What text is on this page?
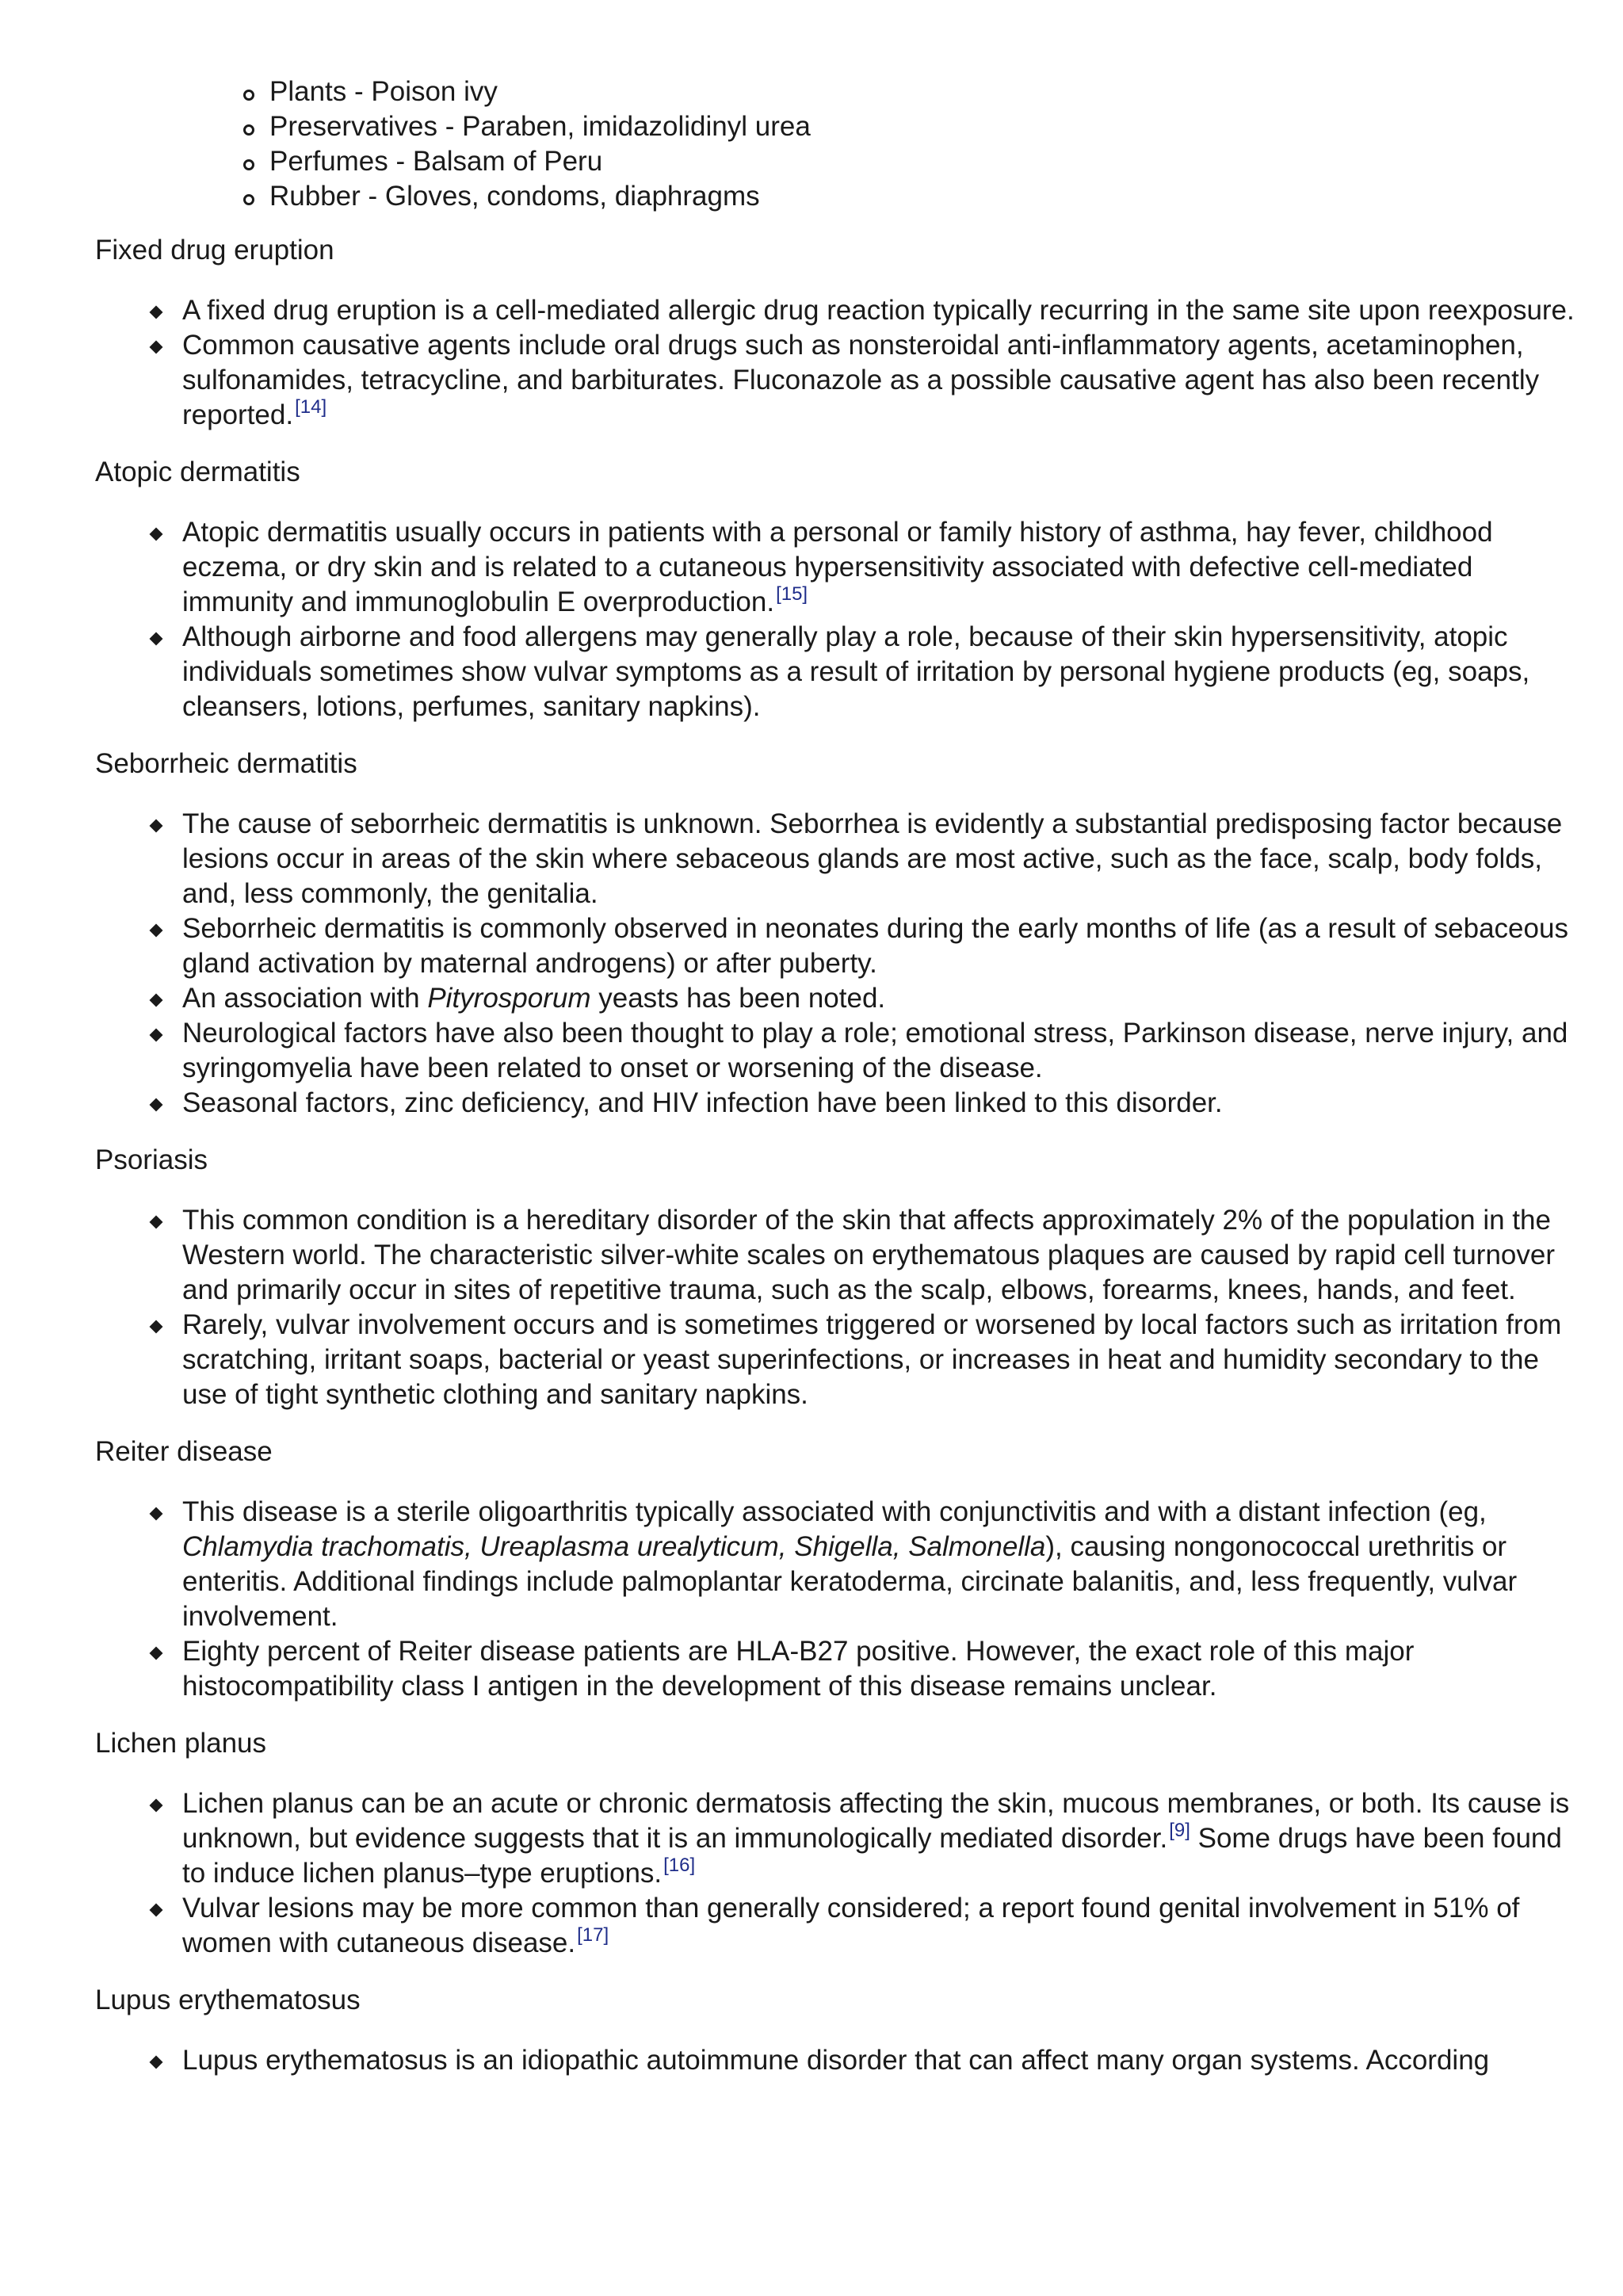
Plants - Poison ivy
Preservatives - Paraben, imidazolidinyl urea
Perfumes - Balsam of Peru
Rubber - Gloves, condoms, diaphragms

Fixed drug eruption

A fixed drug eruption is a cell-mediated allergic drug reaction typically recurring in the same site upon reexposure.
Common causative agents include oral drugs such as nonsteroidal anti-inflammatory agents, acetaminophen, sulfonamides, tetracycline, and barbiturates. Fluconazole as a possible causative agent has also been recently reported.[14]

Atopic dermatitis

Atopic dermatitis usually occurs in patients with a personal or family history of asthma, hay fever, childhood eczema, or dry skin and is related to a cutaneous hypersensitivity associated with defective cell-mediated immunity and immunoglobulin E overproduction.[15]
Although airborne and food allergens may generally play a role, because of their skin hypersensitivity, atopic individuals sometimes show vulvar symptoms as a result of irritation by personal hygiene products (eg, soaps, cleansers, lotions, perfumes, sanitary napkins).

Seborrheic dermatitis

The cause of seborrheic dermatitis is unknown. Seborrhea is evidently a substantial predisposing factor because lesions occur in areas of the skin where sebaceous glands are most active, such as the face, scalp, body folds, and, less commonly, the genitalia.
Seborrheic dermatitis is commonly observed in neonates during the early months of life (as a result of sebaceous gland activation by maternal androgens) or after puberty.
An association with Pityrosporum yeasts has been noted.
Neurological factors have also been thought to play a role; emotional stress, Parkinson disease, nerve injury, and syringomyelia have been related to onset or worsening of the disease.
Seasonal factors, zinc deficiency, and HIV infection have been linked to this disorder.

Psoriasis

This common condition is a hereditary disorder of the skin that affects approximately 2% of the population in the Western world. The characteristic silver-white scales on erythematous plaques are caused by rapid cell turnover and primarily occur in sites of repetitive trauma, such as the scalp, elbows, forearms, knees, hands, and feet.
Rarely, vulvar involvement occurs and is sometimes triggered or worsened by local factors such as irritation from scratching, irritant soaps, bacterial or yeast superinfections, or increases in heat and humidity secondary to the use of tight synthetic clothing and sanitary napkins.

Reiter disease

This disease is a sterile oligoarthritis typically associated with conjunctivitis and with a distant infection (eg, Chlamydia trachomatis, Ureaplasma urealyticum, Shigella, Salmonella), causing nongonococcal urethritis or enteritis. Additional findings include palmoplantar keratoderma, circinate balanitis, and, less frequently, vulvar involvement.
Eighty percent of Reiter disease patients are HLA-B27 positive. However, the exact role of this major histocompatibility class I antigen in the development of this disease remains unclear.

Lichen planus

Lichen planus can be an acute or chronic dermatosis affecting the skin, mucous membranes, or both. Its cause is unknown, but evidence suggests that it is an immunologically mediated disorder.[9] Some drugs have been found to induce lichen planus–type eruptions.[16]
Vulvar lesions may be more common than generally considered; a report found genital involvement in 51% of women with cutaneous disease.[17]

Lupus erythematosus

Lupus erythematosus is an idiopathic autoimmune disorder that can affect many organ systems. According
